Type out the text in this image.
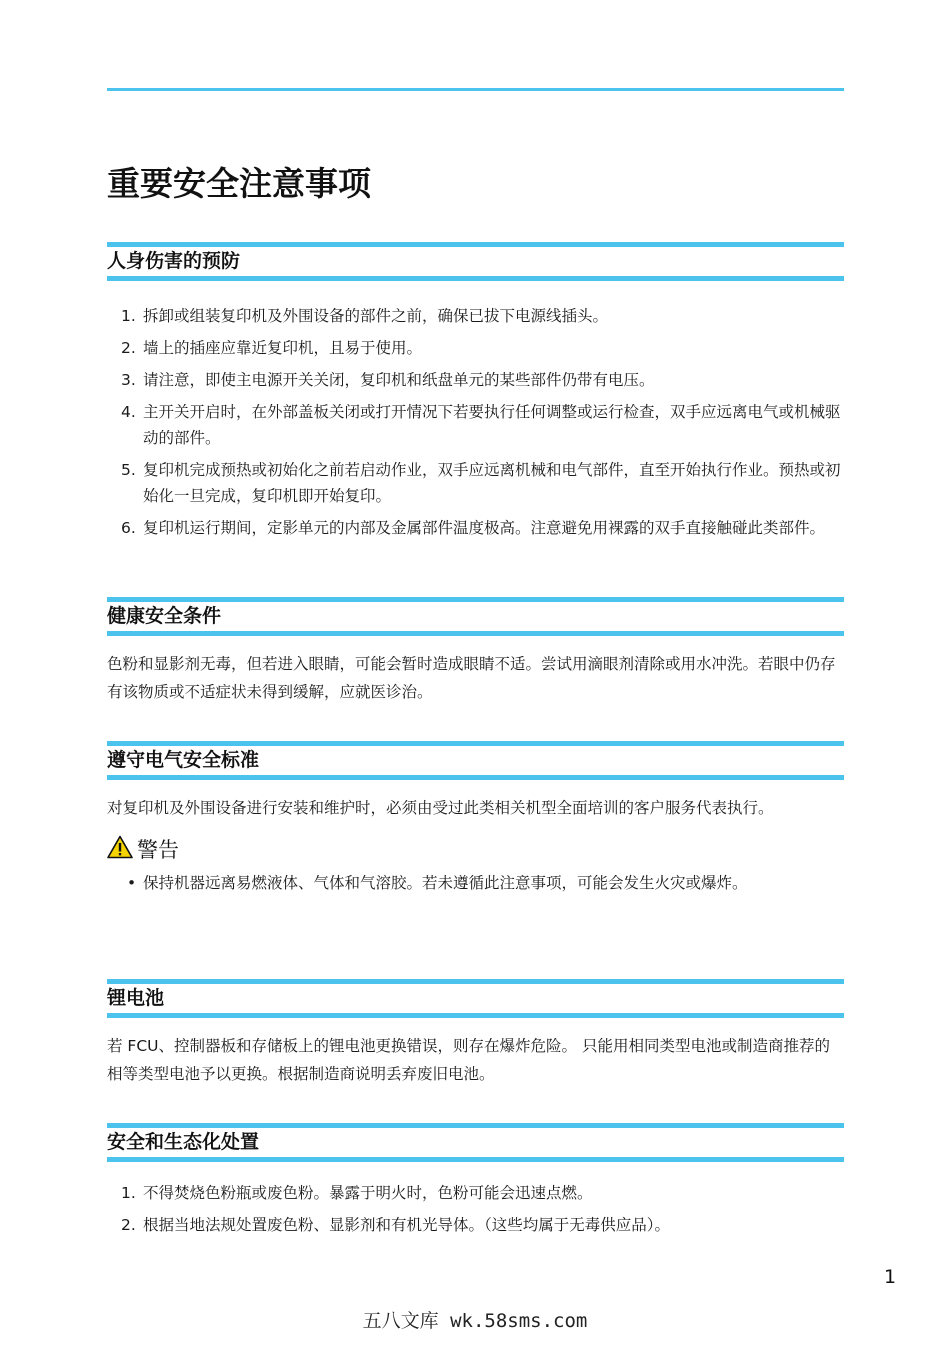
重要安全注意事项
人身伤害的预防
1. 拆卸或组装复印机及外围设备的部件之前，确保已拔下电源线插头。
2. 墙上的插座应靠近复印机，且易于使用。
3. 请注意，即使主电源开关关闭，复印机和纸盘单元的某些部件仍带有电压。
4. 主开关开启时，在外部盖板关闭或打开情况下若要执行任何调整或运行检查，双手应远离电气或机械驱动的部件。
5. 复印机完成预热或初始化之前若启动作业，双手应远离机械和电气部件，直至开始执行作业。预热或初始化一旦完成，复印机即开始复印。
6. 复印机运行期间，定影单元的内部及金属部件温度极高。注意避免用裸露的双手直接触碰此类部件。
健康安全条件

色粉和显影剂无毒，但若进入眼睛，可能会暂时造成眼睛不适。尝试用滴眼剂清除或用水冲洗。若眼中仍存有该物质或不适症状未得到缓解，应就医诊治。

遵守电气安全标准

对复印机及外围设备进行安装和维护时，必须由受过此类相关机型全面培训的客户服务代表执行。

警告
• 保持机器远离易燃液体、气体和气溶胶。若未遵循此注意事项，可能会发生火灾或爆炸。
锂电池

若 FCU、控制器板和存储板上的锂电池更换错误，则存在爆炸危险。 只能用相同类型电池或制造商推荐的相等类型电池予以更换。根据制造商说明丢弃废旧电池。

安全和生态化处置
1. 不得焚烧色粉瓶或废色粉。暴露于明火时，色粉可能会迅速点燃。
2. 根据当地法规处置废色粉、显影剂和有机光导体。（这些均属于无毒供应品）。
1
五八文库 wk.58sms.com
